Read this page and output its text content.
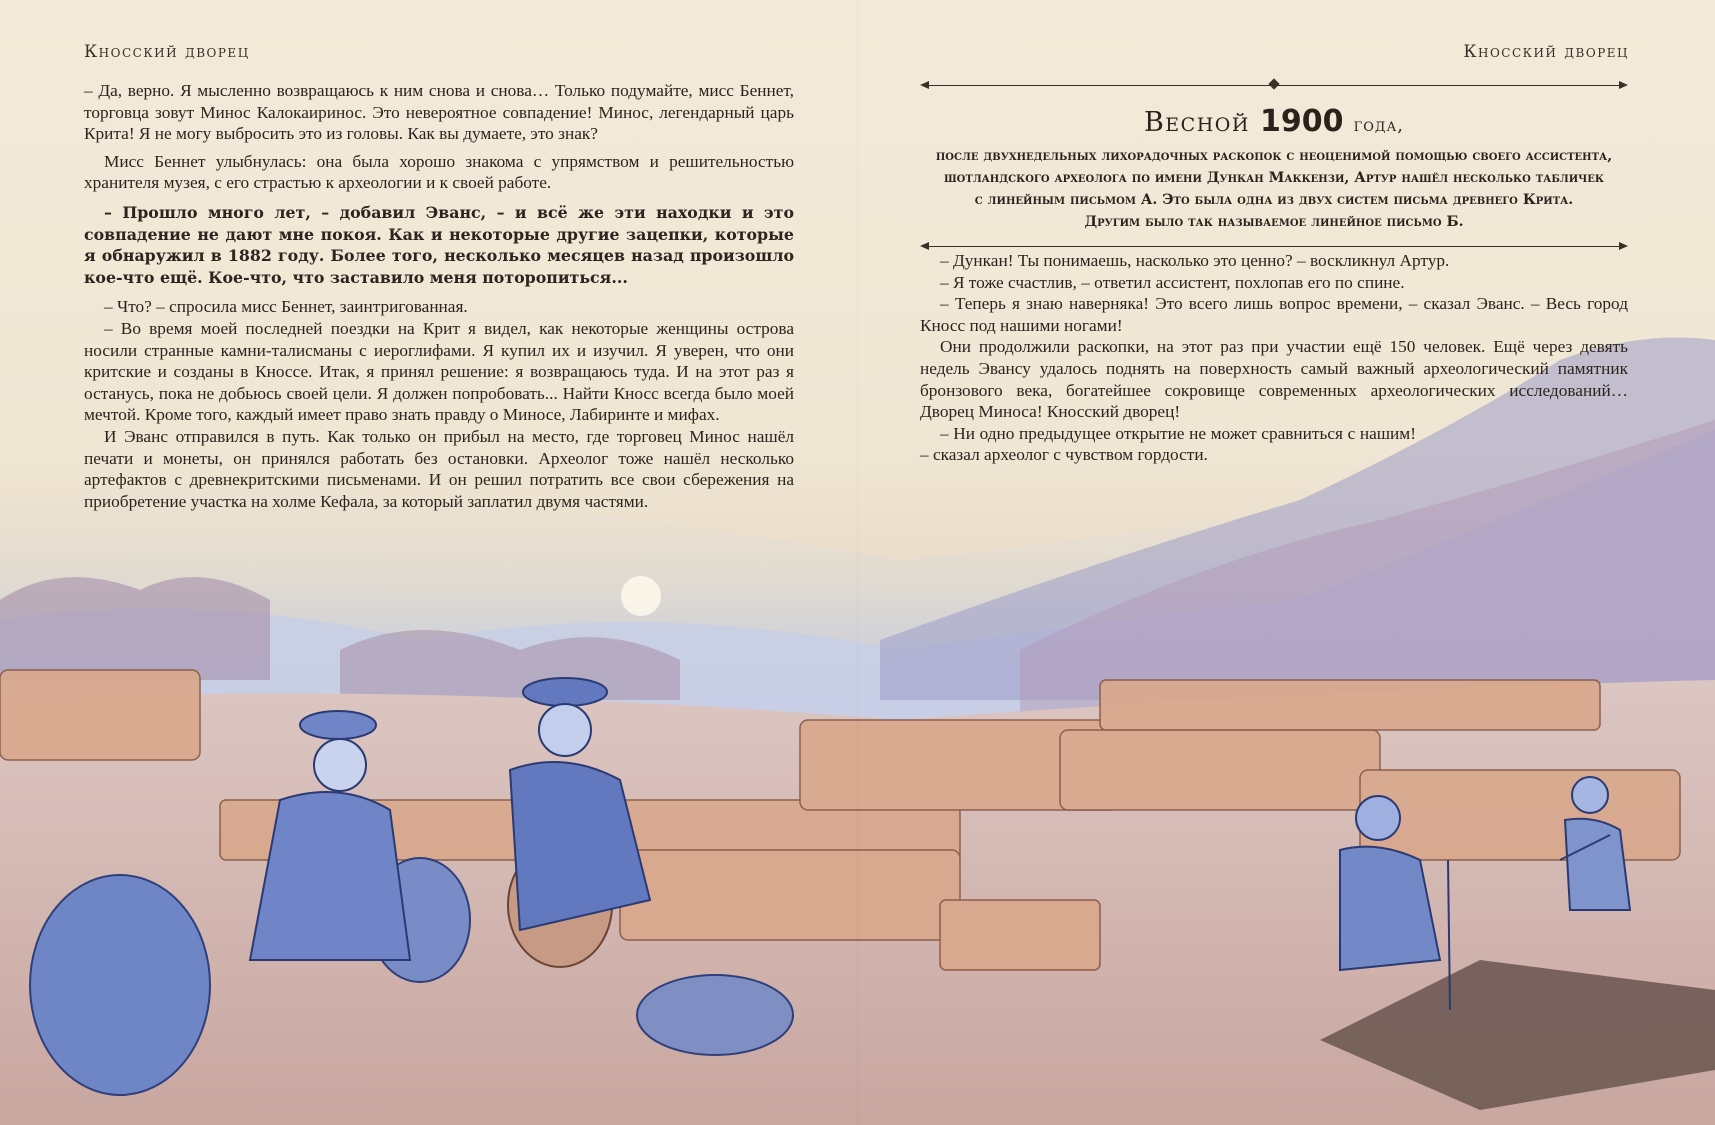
Кносский дворец	Кносский дворец

– Да, верно. Я мысленно возвращаюсь к ним снова и снова… Только подумайте, мисс Беннет, торговца зовут Минос Калокаиринос. Это невероятное совпадение! Минос, легендарный царь Крита! Я не могу выбросить это из головы. Как вы думаете, это знак?

Мисс Беннет улыбнулась: она была хорошо знакома с упрямством и решительностью хранителя музея, с его страстью к археологии и к своей работе.

– Прошло много лет, – добавил Эванс, – и всё же эти находки и это совпадение не дают мне покоя. Как и некоторые другие зацепки, которые я обнаружил в 1882 году. Более того, несколько месяцев назад произошло кое-что ещё. Кое-что, что заставило меня поторопиться...

– Что? – спросила мисс Беннет, заинтригованная.

– Во время моей последней поездки на Крит я видел, как некоторые женщины острова носили странные камни-талисманы с иероглифами. Я купил их и изучил. Я уверен, что они критские и созданы в Кноссе. Итак, я принял решение: я возвращаюсь туда. И на этот раз я останусь, пока не добьюсь своей цели. Я должен попробовать... Найти Кносс всегда было моей мечтой. Кроме того, каждый имеет право знать правду о Миносе, Лабиринте и мифах.

И Эванс отправился в путь. Как только он прибыл на место, где торговец Минос нашёл печати и монеты, он принялся работать без остановки. Археолог тоже нашёл несколько артефактов с древнекритскими письменами. И он решил потратить все свои сбережения на приобретение участка на холме Кефала, за который заплатил двумя частями.

Весной 1900 года,
после двухнедельных лихорадочных раскопок с неоценимой помощью своего ассистента,
шотландского археолога по имени Дункан Маккензи, Артур нашёл несколько табличек
с линейным письмом А. Это была одна из двух систем письма древнего Крита.
Другим было так называемое линейное письмо Б.

– Дункан! Ты понимаешь, насколько это ценно? – воскликнул Артур.

– Я тоже счастлив, – ответил ассистент, похлопав его по спине.

– Теперь я знаю наверняка! Это всего лишь вопрос времени, – сказал Эванс. – Весь город Кносс под нашими ногами!

Они продолжили раскопки, на этот раз при участии ещё 150 человек. Ещё через девять недель Эвансу удалось поднять на поверхность самый важный археологический памятник бронзового века, богатейшее сокровище современных археологических исследований… Дворец Миноса! Кносский дворец!

– Ни одно предыдущее открытие не может сравниться с нашим! – сказал археолог с чувством гордости.
